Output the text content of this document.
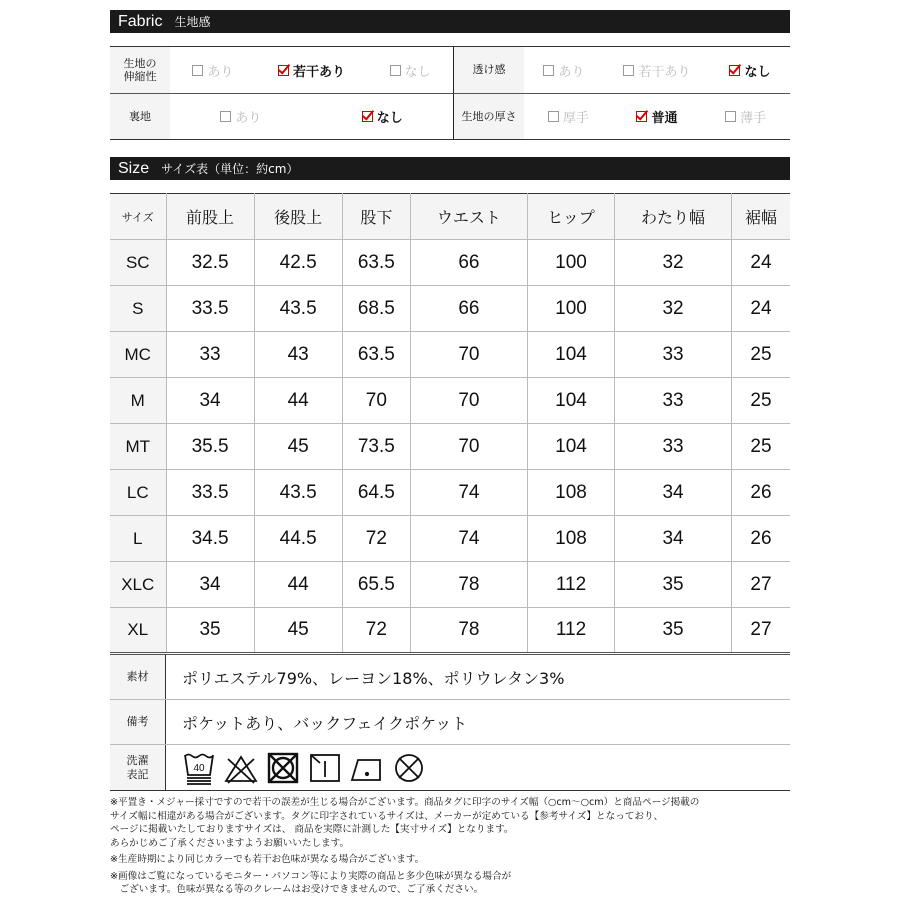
Fabric 生地感
生地の
伸縮性	あり	若干あり	なし	透け感	あり	若干あり	なし
裏地	あり	なし	生地の厚さ	厚手	普通	薄手
Size サイズ表（単位：約cm）
サイズ	前股上	後股上	股下	ウエスト	ヒップ	わたり幅	裾幅
SC	32.5	42.5	63.5	66	100	32	24
S	33.5	43.5	68.5	66	100	32	24
MC	33	43	63.5	70	104	33	25
M	34	44	70	70	104	33	25
MT	35.5	45	73.5	70	104	33	25
LC	33.5	43.5	64.5	74	108	34	26
L	34.5	44.5	72	74	108	34	26
XLC	34	44	65.5	78	112	35	27
XL	35	45	72	78	112	35	27
素材	ポリエステル79%、レーヨン18%、ポリウレタン3%
備考	ポケットあり、バックフェイクポケット
洗濯
表記	40

※平置き・メジャー採寸ですので若干の誤差が生じる場合がございます。商品タグに印字のサイズ幅（○cm〜○cm）と商品ページ掲載の

サイズ幅に相違がある場合がございます。タグに印字されているサイズは、メーカーが定めている【参考サイズ】となっており、

ページに掲載いたしておりますサイズは、 商品を実際に計測した【実寸サイズ】となります。

あらかじめご了承くださいますようお願いいたします。

※生産時期により同じカラーでも若干お色味が異なる場合がございます。

※画像はご覧になっているモニター・パソコン等により実際の商品と多少色味が異なる場合が

　ございます。色味が異なる等のクレームはお受けできませんので、ご了承ください。
